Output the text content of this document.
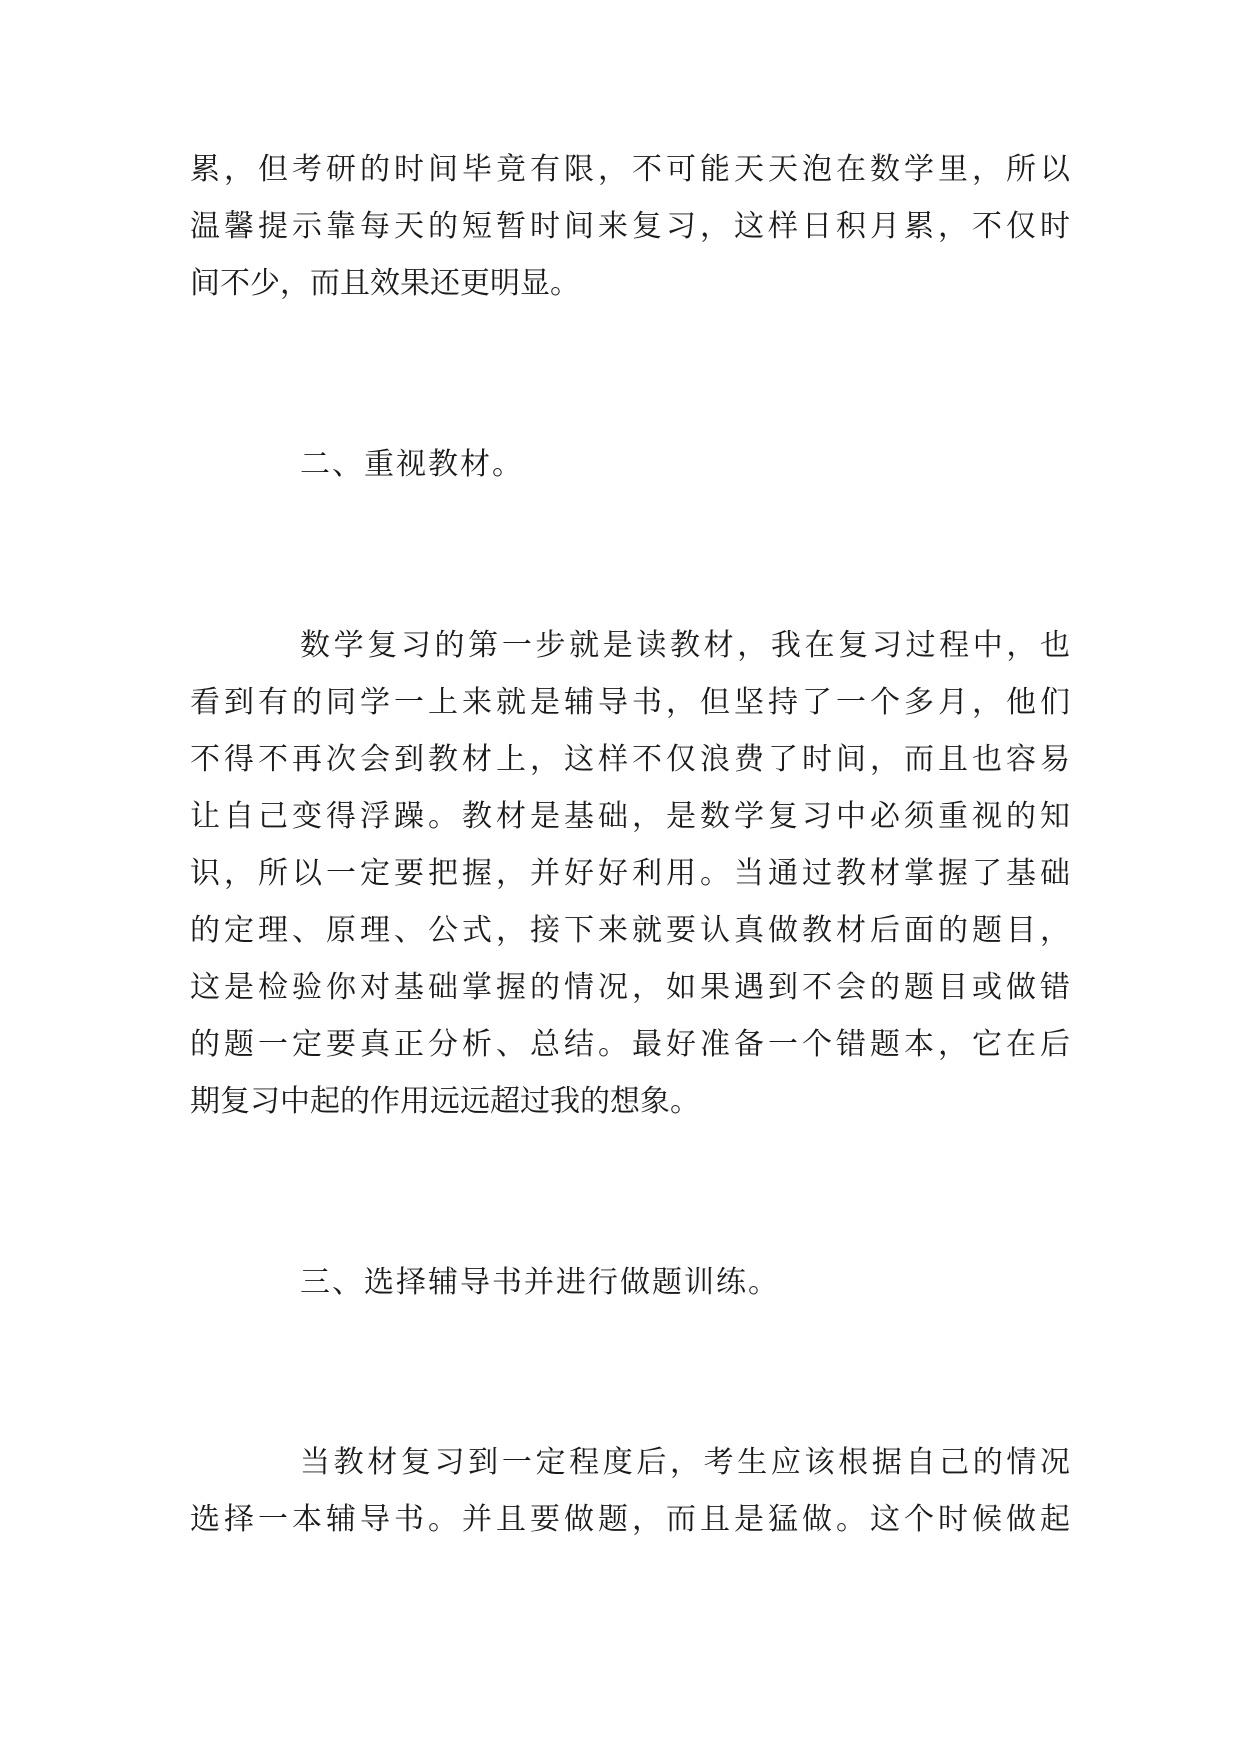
累，但考研的时间毕竟有限，不可能天天泡在数学里，所以

温馨提示靠每天的短暂时间来复习，这样日积月累，不仅时

间不少，而且效果还更明显。

二、重视教材。

数学复习的第一步就是读教材，我在复习过程中，也

看到有的同学一上来就是辅导书，但坚持了一个多月，他们

不得不再次会到教材上，这样不仅浪费了时间，而且也容易

让自己变得浮躁。教材是基础，是数学复习中必须重视的知

识，所以一定要把握，并好好利用。当通过教材掌握了基础

的定理、原理、公式，接下来就要认真做教材后面的题目，

这是检验你对基础掌握的情况，如果遇到不会的题目或做错

的题一定要真正分析、总结。最好准备一个错题本，它在后

期复习中起的作用远远超过我的想象。

三、选择辅导书并进行做题训练。

当教材复习到一定程度后，考生应该根据自己的情况

选择一本辅导书。并且要做题，而且是猛做。这个时候做起
